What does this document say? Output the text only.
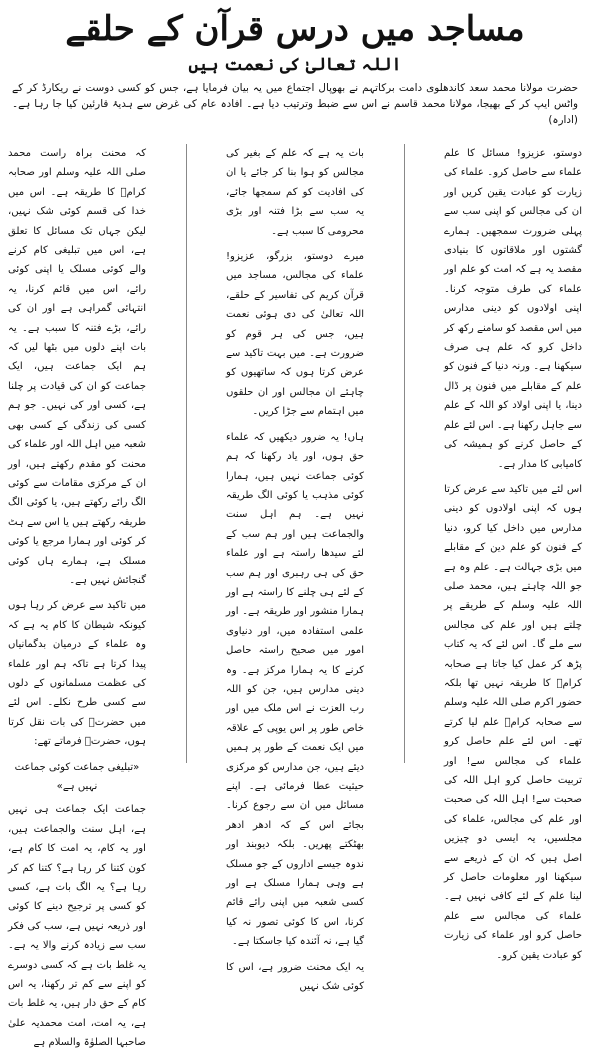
مساجد میں درس قرآن کے حلقے
اللہ تعالیٰ کی نعمت ہیں
حضرت مولانا محمد سعد کاندھلوی دامت برکاتہم نے بھوپال اجتماع میں یہ بیان فرمایا ہے، جس کو کسی دوست نے ریکارڈ کر کے واٹس ایپ کر کے بھیجا، مولانا محمد قاسم نے اس سے ضبط وترتیب دیا ہے۔ افادہ عام کی غرض سے ہدیۂ قارئین کیا جا رہا ہے۔ (ادارہ)

دوستو، عزیزو! مسائل کا علم علماء سے حاصل کرو۔ علماء کی زیارت کو عبادت یقین کریں اور ان کی مجالس کو اپنی سب سے پہلی ضرورت سمجھیں۔ ہمارے گشتوں اور ملاقاتوں کا بنیادی مقصد یہ ہے کہ امت کو علم اور علماء کی طرف متوجہ کرنا۔ اپنی اولادوں کو دینی مدارس میں اس مقصد کو سامنے رکھ کر داخل کرو کہ علم ہی صرف سیکھنا ہے۔ ورنہ دنیا کے فنون کو علم کے مقابلے میں فنون پر ڈال دینا، یا اپنی اولاد کو اللہ کے علم سے جاہل رکھنا ہے۔ اس لئے علم کے حاصل کرنے کو ہمیشہ کی کامیابی کا مدار ہے۔

اس لئے میں تاکید سے عرض کرتا ہوں کہ اپنی اولادوں کو دینی مدارس میں داخل کیا کرو، دنیا کے فنون کو علم دین کے مقابلے میں بڑی جہالت ہے۔ علم وہ ہے جو اللہ چاہتے ہیں، محمد صلی اللہ علیہ وسلم کے طریقے پر چلتے ہیں اور علم کی مجالس سے ملے گا۔ اس لئے کہ یہ کتاب پڑھ کر عمل کیا جاتا ہے صحابہ کرامؓ کا طریقہ نہیں تھا بلکہ حضور اکرم صلی اللہ علیہ وسلم سے صحابہ کرامؓ علم لیا کرتے تھے۔ اس لئے علم حاصل کرو علماء کی مجالس سے! اور تربیت حاصل کرو اہل اللہ کی صحبت سے! اہل اللہ کی صحبت اور علم کی مجالس، علماء کی مجلسیں، یہ ایسی دو چیزیں اصل ہیں کہ ان کے ذریعے سے سیکھنا اور معلومات حاصل کر لینا علم کے لئے کافی نہیں ہے۔ علماء کی مجالس سے علم حاصل کرو اور علماء کی زیارت کو عبادت یقین کرو۔

بات یہ ہے کہ علم کے بغیر کی مجالس کو ہوا بنا کر جائے یا ان کی افادیت کو کم سمجھا جائے، یہ سب سے بڑا فتنہ اور بڑی محرومی کا سبب ہے۔

میرے دوستو، بزرگو، عزیزو! علماء کی مجالس، مساجد میں قرآن کریم کی تفاسیر کے حلقے، اللہ تعالیٰ کی دی ہوئی نعمت ہیں، جس کی ہر قوم کو ضرورت ہے۔ میں بہت تاکید سے عرض کرتا ہوں کہ ساتھیوں کو چاہئے ان مجالس اور ان حلقوں میں اہتمام سے جڑا کریں۔

ہاں! یہ ضرور دیکھیں کہ علماء حق ہوں، اور یاد رکھنا کہ ہم کوئی جماعت نہیں ہیں، ہمارا کوئی مذہب یا کوئی الگ طریقہ نہیں ہے۔ ہم اہل سنت والجماعت ہیں اور ہم سب کے لئے سیدھا راستہ ہے اور علماء حق کی ہی رہبری اور ہم سب کے لئے ہی چلنے کا راستہ ہے اور ہمارا منشور اور طریقہ ہے۔ اور علمی استفادہ میں، اور دنیاوی امور میں صحیح راستہ حاصل کرنے کا یہ ہمارا مرکز ہے۔ وہ دینی مدارس ہیں، جن کو اللہ رب العزت نے اس ملک میں اور خاص طور پر اس یوپی کے علاقہ میں ایک نعمت کے طور پر ہمیں دیئے ہیں، جن مدارس کو مرکزی حیثیت عطا فرمائی ہے۔ اپنے مسائل میں ان سے رجوع کرنا۔ بجائے اس کے کہ ادھر ادھر بھٹکتے پھریں۔ بلکہ دیوبند اور ندوہ جیسے اداروں کے جو مسلک ہے وہی ہمارا مسلک ہے اور کسی شعبہ میں اپنی رائے قائم کرنا، اس کا کوئی تصور نہ کیا گیا ہے، نہ آئندہ کیا جاسکتا ہے۔

یہ ایک محنت ضرور ہے، اس کا کوئی شک نہیں

کہ محنت براہ راست محمد صلی اللہ علیہ وسلم اور صحابہ کرامؓ کا طریقہ ہے۔ اس میں خدا کی قسم کوئی شک نہیں، لیکن جہاں تک مسائل کا تعلق ہے، اس میں تبلیغی کام کرنے والے کوئی مسلک یا اپنی کوئی رائے، اس میں قائم کرنا، یہ انتہائی گمراہی ہے اور ان کی رائے، بڑے فتنہ کا سبب ہے۔ یہ بات اپنے دلوں میں بٹھا لیں کہ ہم ایک جماعت ہیں، ایک جماعت کو ان کی قیادت پر چلنا ہے، کسی اور کی نہیں۔ جو ہم کسی کی زندگی کے کسی بھی شعبہ میں اہل اللہ اور علماء کی محنت کو مقدم رکھتے ہیں، اور ان کے مرکزی مقامات سے کوئی الگ رائے رکھتے ہیں، یا کوئی الگ طریقہ رکھتے ہیں یا اس سے ہٹ کر کوئی اور ہمارا مرجع یا کوئی مسلک ہے، ہمارے ہاں کوئی گنجائش نہیں ہے۔

میں تاکید سے عرض کر رہا ہوں کیونکہ شیطان کا کام یہ ہے کہ وہ علماء کے درمیان بدگمانیاں پیدا کرتا ہے تاکہ ہم اور علماء کی عظمت مسلمانوں کے دلوں سے کسی طرح نکلے۔ اس لئے میں حضرتؒ کی بات نقل کرتا ہوں، حضرتؒ فرماتے تھے:

«تبلیغی جماعت کوئی جماعت نہیں ہے»

جماعت ایک جماعت ہی نہیں ہے، اہل سنت والجماعت ہیں، اور یہ کام، یہ امت کا کام ہے، کون کتنا کر رہا ہے؟ کتنا کم کر رہا ہے؟ یہ الگ بات ہے، کسی کو کسی پر ترجیح دینے کا کوئی اور ذریعہ نہیں ہے، سب کی فکر سب سے زیادہ کرنے والا یہ ہے۔ یہ غلط بات ہے کہ کسی دوسرے کو اپنے سے کم تر رکھنا، یہ اس کام کے حق دار ہیں، یہ غلط بات ہے، یہ امت، امت محمدیہ علیٰ صاحبہا الصلوٰۃ والسلام ہے
